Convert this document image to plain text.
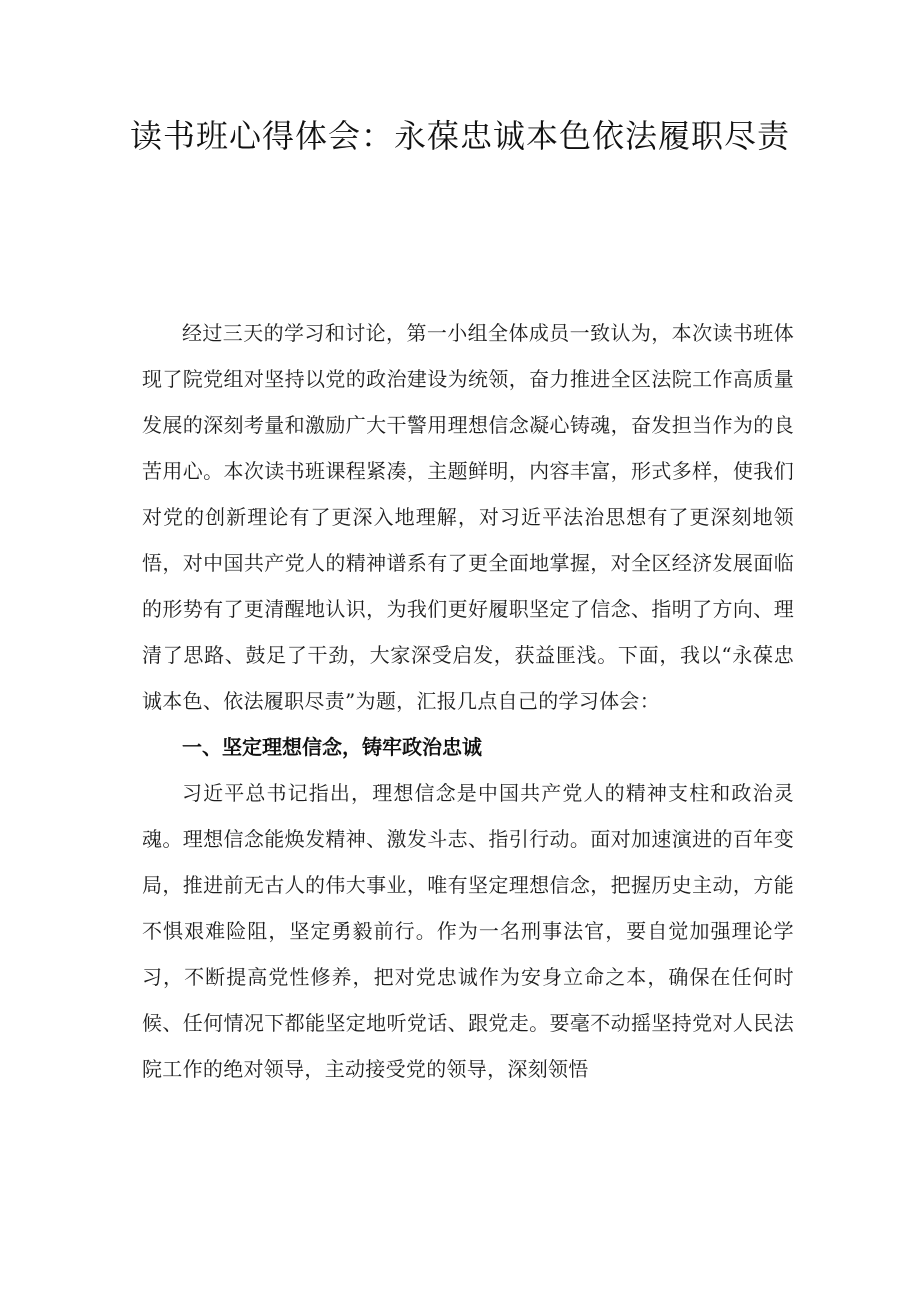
读书班心得体会：永葆忠诚本色依法履职尽责

经过三天的学习和讨论，第一小组全体成员一致认为，本次读书班体现了院党组对坚持以党的政治建设为统领，奋力推进全区法院工作高质量发展的深刻考量和激励广大干警用理想信念凝心铸魂，奋发担当作为的良苦用心。本次读书班课程紧凑，主题鲜明，内容丰富，形式多样，使我们对党的创新理论有了更深入地理解，对习近平法治思想有了更深刻地领悟，对中国共产党人的精神谱系有了更全面地掌握，对全区经济发展面临的形势有了更清醒地认识，为我们更好履职坚定了信念、指明了方向、理清了思路、鼓足了干劲，大家深受启发，获益匪浅。下面，我以“永葆忠诚本色、依法履职尽责”为题，汇报几点自己的学习体会：

一、坚定理想信念，铸牢政治忠诚

习近平总书记指出，理想信念是中国共产党人的精神支柱和政治灵魂。理想信念能焕发精神、激发斗志、指引行动。面对加速演进的百年变局，推进前无古人的伟大事业，唯有坚定理想信念，把握历史主动，方能不惧艰难险阻，坚定勇毅前行。作为一名刑事法官，要自觉加强理论学习，不断提高党性修养，把对党忠诚作为安身立命之本，确保在任何时候、任何情况下都能坚定地听党话、跟党走。要毫不动摇坚持党对人民法院工作的绝对领导，主动接受党的领导，深刻领悟
